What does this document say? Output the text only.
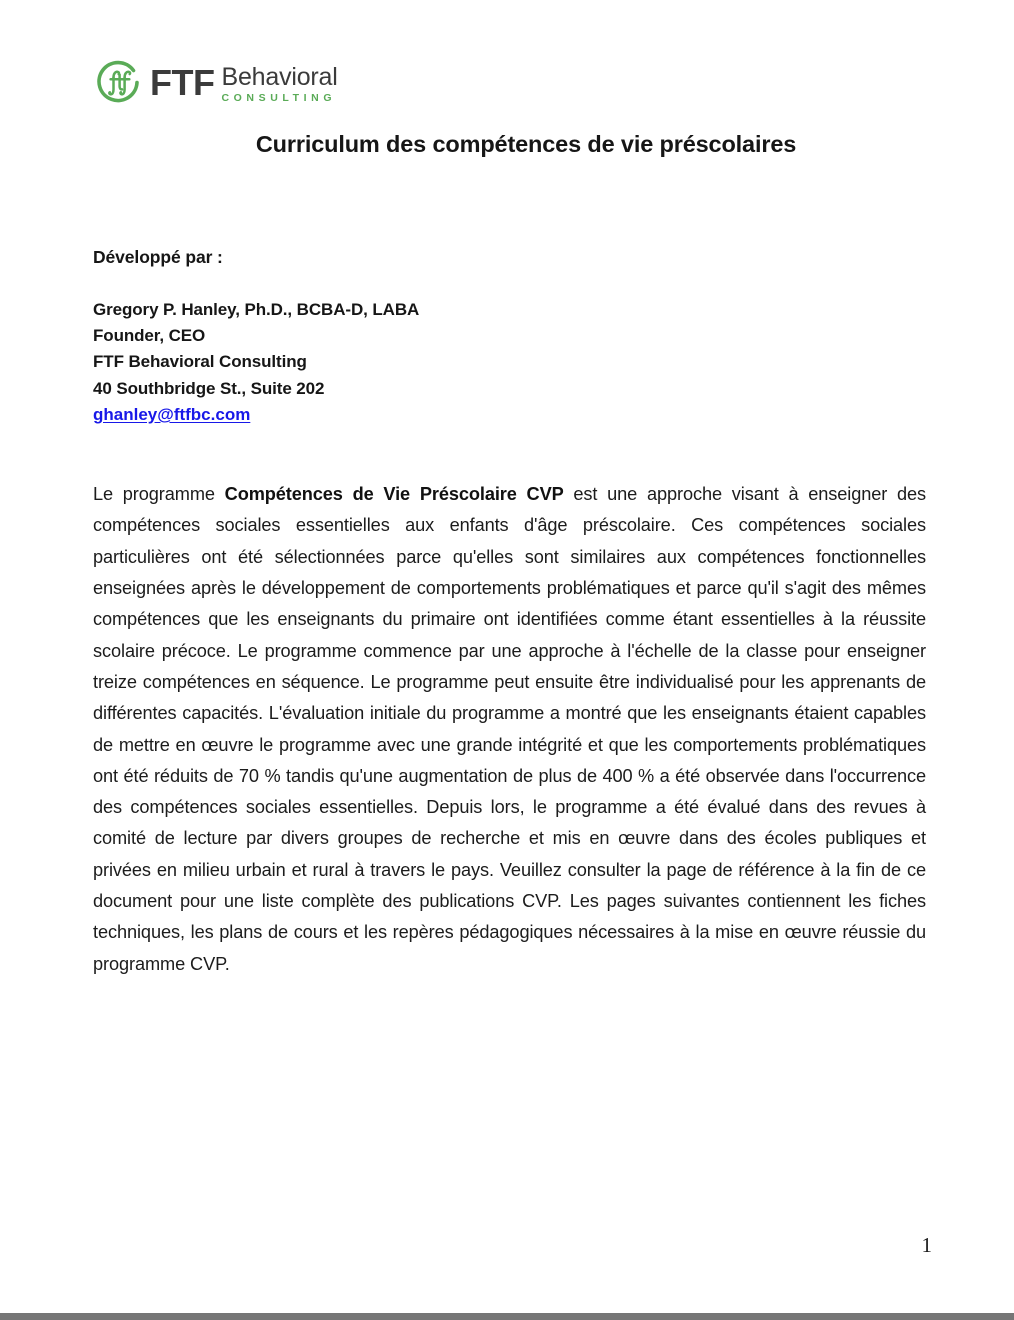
FTF Behavioral
CONSULTING
Curriculum des compétences de vie préscolaires
Développé par :
Gregory P. Hanley, Ph.D., BCBA-D, LABA
Founder, CEO
FTF Behavioral Consulting
40 Southbridge St., Suite 202
ghanley@ftfbc.com

Le programme Compétences de Vie Préscolaire CVP est une approche visant à enseigner des compétences sociales essentielles aux enfants d'âge préscolaire. Ces compétences sociales particulières ont été sélectionnées parce qu'elles sont similaires aux compétences fonctionnelles enseignées après le développement de comportements problématiques et parce qu'il s'agit des mêmes compétences que les enseignants du primaire ont identifiées comme étant essentielles à la réussite scolaire précoce. Le programme commence par une approche à l'échelle de la classe pour enseigner treize compétences en séquence. Le programme peut ensuite être individualisé pour les apprenants de différentes capacités. L'évaluation initiale du programme a montré que les enseignants étaient capables de mettre en œuvre le programme avec une grande intégrité et que les comportements problématiques ont été réduits de 70 % tandis qu'une augmentation de plus de 400 % a été observée dans l'occurrence des compétences sociales essentielles. Depuis lors, le programme a été évalué dans des revues à comité de lecture par divers groupes de recherche et mis en œuvre dans des écoles publiques et privées en milieu urbain et rural à travers le pays. Veuillez consulter la page de référence à la fin de ce document pour une liste complète des publications CVP. Les pages suivantes contiennent les fiches techniques, les plans de cours et les repères pédagogiques nécessaires à la mise en œuvre réussie du programme CVP.

1
